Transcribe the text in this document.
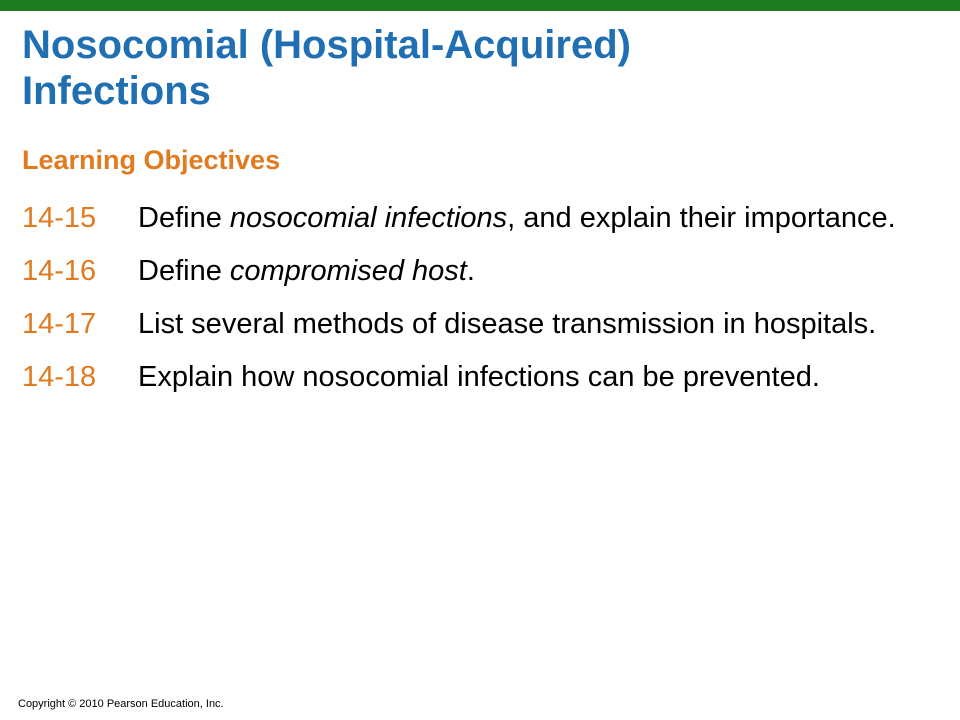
Nosocomial (Hospital-Acquired)
Infections
Learning Objectives
14-15	Define nosocomial infections, and explain their importance.
14-16	Define compromised host.
14-17	List several methods of disease transmission in hospitals.
14-18	Explain how nosocomial infections can be prevented.
Copyright © 2010 Pearson Education, Inc.
